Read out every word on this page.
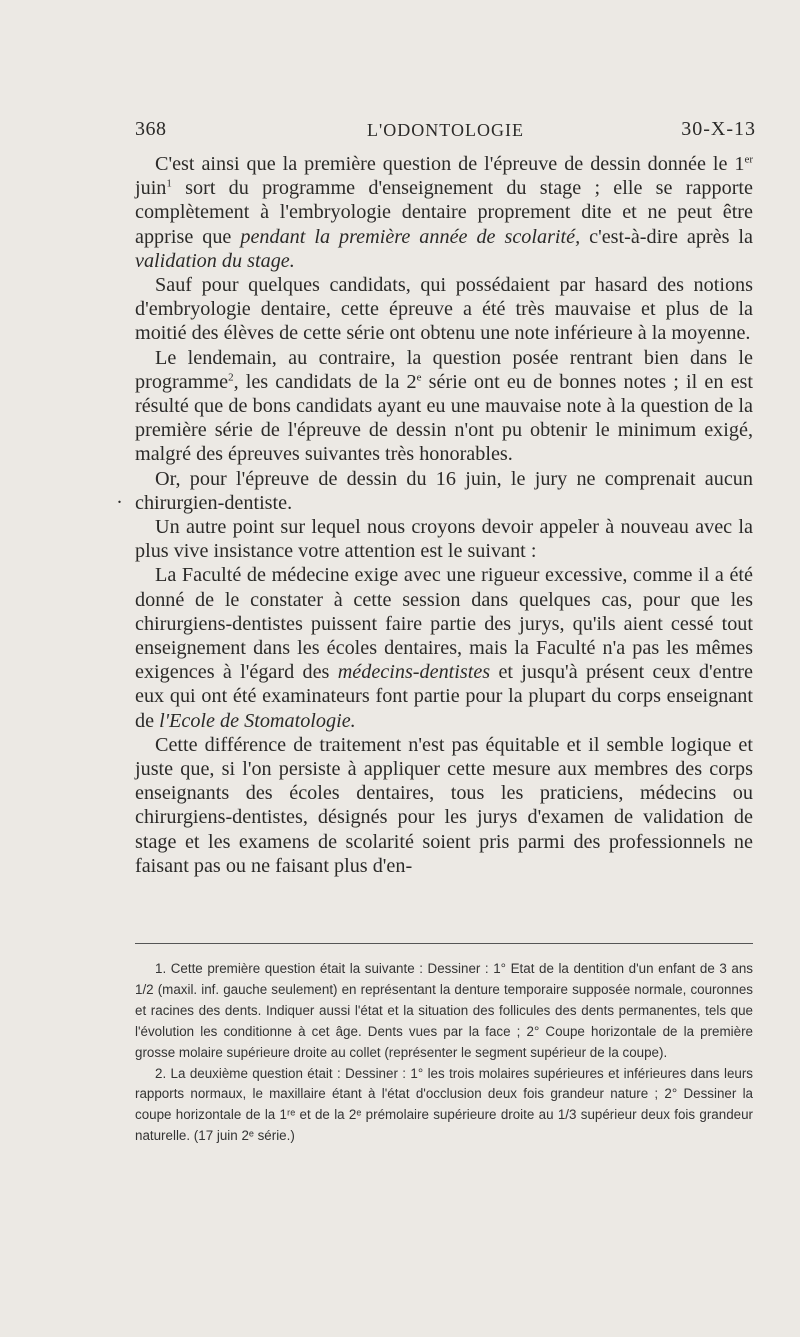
368	L'ODONTOLOGIE	30-X-13
.

C'est ainsi que la première question de l'épreuve de dessin donnée le 1er juin$^1$ sort du programme d'enseignement du stage ; elle se rapporte complètement à l'embryologie dentaire proprement dite et ne peut être apprise que pendant la première année de scolarité, c'est-à-dire après la validation du stage.

Sauf pour quelques candidats, qui possédaient par hasard des notions d'embryologie dentaire, cette épreuve a été très mauvaise et plus de la moitié des élèves de cette série ont obtenu une note inférieure à la moyenne.

Le lendemain, au contraire, la question posée rentrant bien dans le programme$^2$, les candidats de la 2e série ont eu de bonnes notes ; il en est résulté que de bons candidats ayant eu une mauvaise note à la question de la première série de l'épreuve de dessin n'ont pu obtenir le minimum exigé, malgré des épreuves suivantes très honorables.

Or, pour l'épreuve de dessin du 16 juin, le jury ne comprenait aucun chirurgien-dentiste.

Un autre point sur lequel nous croyons devoir appeler à nouveau avec la plus vive insistance votre attention est le suivant :

La Faculté de médecine exige avec une rigueur excessive, comme il a été donné de le constater à cette session dans quelques cas, pour que les chirurgiens-dentistes puissent faire partie des jurys, qu'ils aient cessé tout enseignement dans les écoles dentaires, mais la Faculté n'a pas les mêmes exigences à l'égard des médecins-dentistes et jusqu'à présent ceux d'entre eux qui ont été examinateurs font partie pour la plupart du corps enseignant de l'Ecole de Stomatologie.

Cette différence de traitement n'est pas équitable et il semble logique et juste que, si l'on persiste à appliquer cette mesure aux membres des corps enseignants des écoles dentaires, tous les praticiens, médecins ou chirurgiens-dentistes, désignés pour les jurys d'examen de validation de stage et les examens de scolarité soient pris parmi des professionnels ne faisant pas ou ne faisant plus d'en-

1. Cette première question était la suivante : Dessiner : 1° Etat de la dentition d'un enfant de 3 ans 1/2 (maxil. inf. gauche seulement) en représentant la denture temporaire supposée normale, couronnes et racines des dents. Indiquer aussi l'état et la situation des follicules des dents permanentes, tels que l'évolution les conditionne à cet âge. Dents vues par la face ; 2° Coupe horizontale de la première grosse molaire supérieure droite au collet (représenter le segment supérieur de la coupe).

2. La deuxième question était : Dessiner : 1° les trois molaires supérieures et inférieures dans leurs rapports normaux, le maxillaire étant à l'état d'occlusion deux fois grandeur nature ; 2° Dessiner la coupe horizontale de la 1ʳᵉ et de la 2ᵉ prémolaire supérieure droite au 1/3 supérieur deux fois grandeur naturelle. (17 juin 2ᵉ série.)
